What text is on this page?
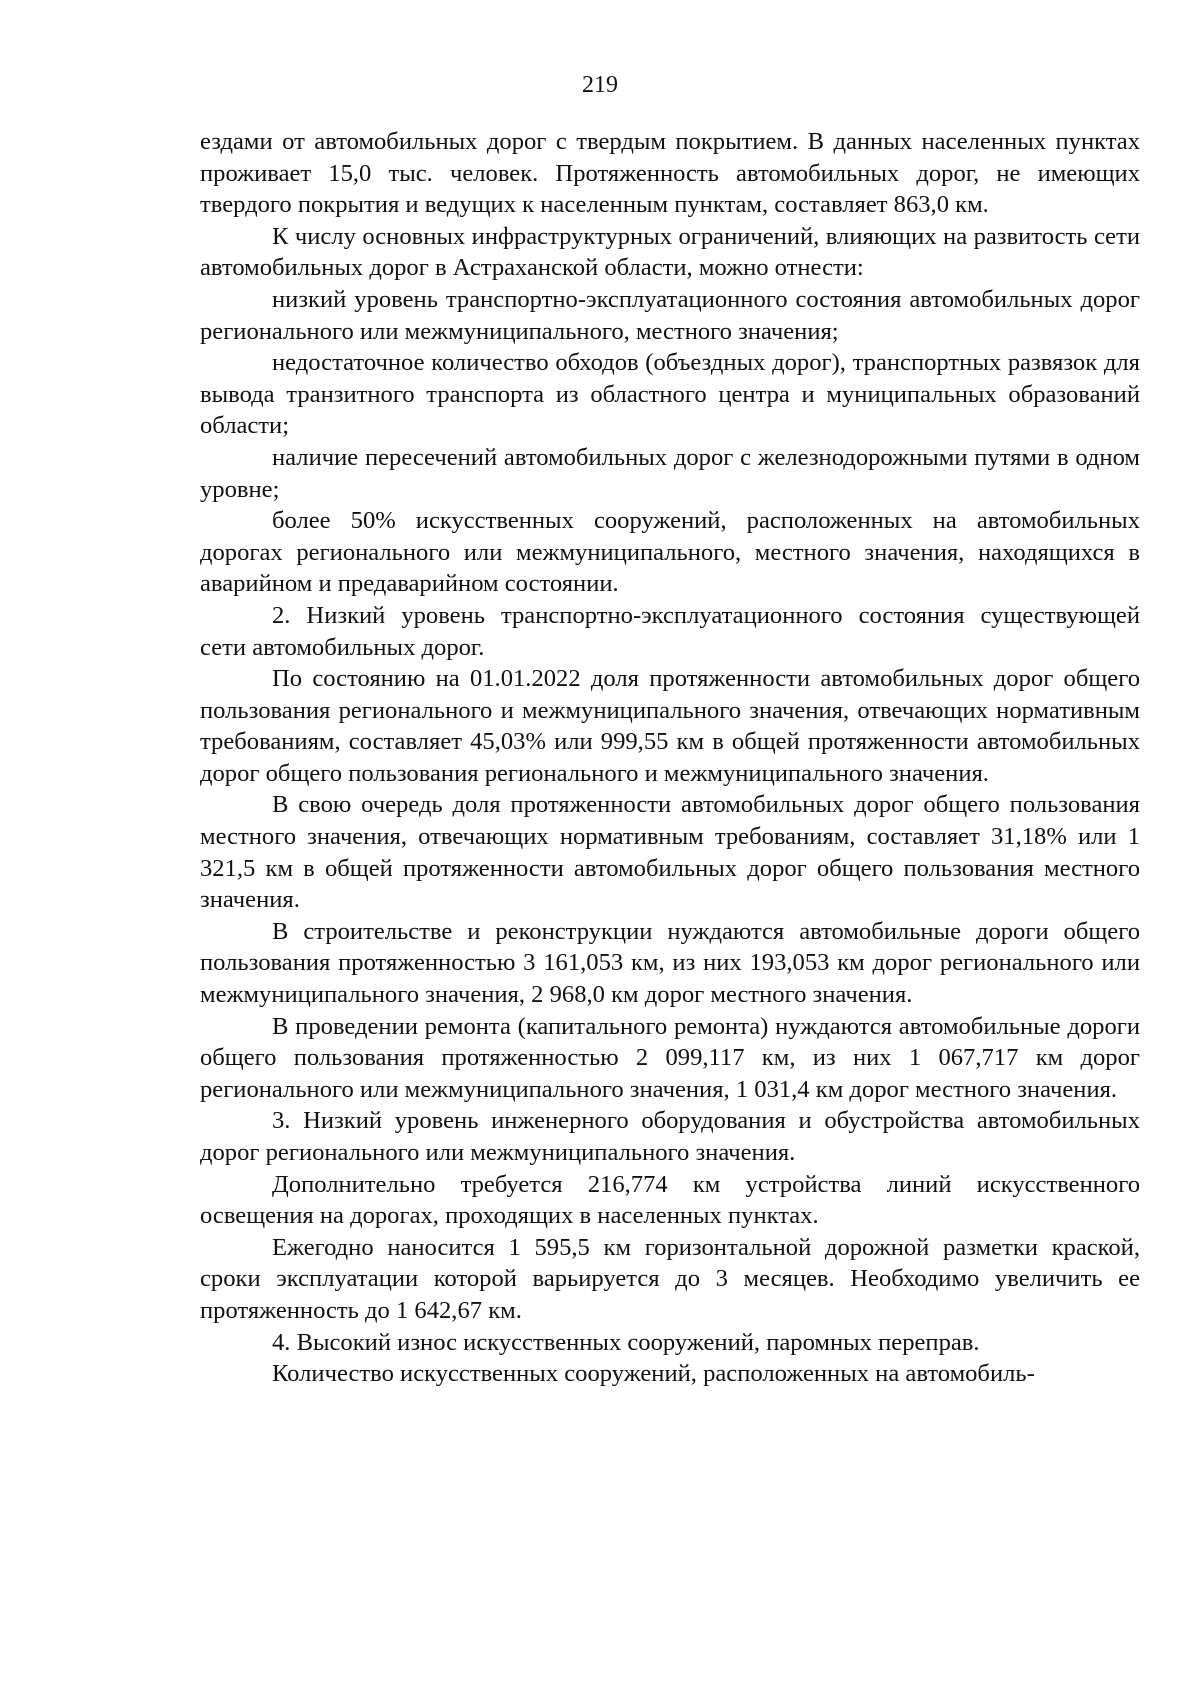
219

ездами от автомобильных дорог с твердым покрытием. В данных населенных пунктах проживает 15,0 тыс. человек. Протяженность автомобильных дорог, не имеющих твердого покрытия и ведущих к населенным пунктам, составляет 863,0 км.

К числу основных инфраструктурных ограничений, влияющих на развитость сети автомобильных дорог в Астраханской области, можно отнести:

низкий уровень транспортно-эксплуатационного состояния автомобильных дорог регионального или межмуниципального, местного значения;

недостаточное количество обходов (объездных дорог), транспортных развязок для вывода транзитного транспорта из областного центра и муниципальных образований области;

наличие пересечений автомобильных дорог с железнодорожными путями в одном уровне;

более 50% искусственных сооружений, расположенных на автомобильных дорогах регионального или межмуниципального, местного значения, находящихся в аварийном и предаварийном состоянии.

2. Низкий уровень транспортно-эксплуатационного состояния существующей сети автомобильных дорог.

По состоянию на 01.01.2022 доля протяженности автомобильных дорог общего пользования регионального и межмуниципального значения, отвечающих нормативным требованиям, составляет 45,03% или 999,55 км в общей протяженности автомобильных дорог общего пользования регионального и межмуниципального значения.

В свою очередь доля протяженности автомобильных дорог общего пользования местного значения, отвечающих нормативным требованиям, составляет 31,18% или 1 321,5 км в общей протяженности автомобильных дорог общего пользования местного значения.

В строительстве и реконструкции нуждаются автомобильные дороги общего пользования протяженностью 3 161,053 км, из них 193,053 км дорог регионального или межмуниципального значения, 2 968,0 км дорог местного значения.

В проведении ремонта (капитального ремонта) нуждаются автомобильные дороги общего пользования протяженностью 2 099,117 км, из них 1 067,717 км дорог регионального или межмуниципального значения, 1 031,4 км дорог местного значения.

3. Низкий уровень инженерного оборудования и обустройства автомобильных дорог регионального или межмуниципального значения.

Дополнительно требуется 216,774 км устройства линий искусственного освещения на дорогах, проходящих в населенных пунктах.

Ежегодно наносится 1 595,5 км горизонтальной дорожной разметки краской, сроки эксплуатации которой варьируется до 3 месяцев. Необходимо увеличить ее протяженность до 1 642,67 км.

4. Высокий износ искусственных сооружений, паромных переправ.

Количество искусственных сооружений, расположенных на автомобиль-
